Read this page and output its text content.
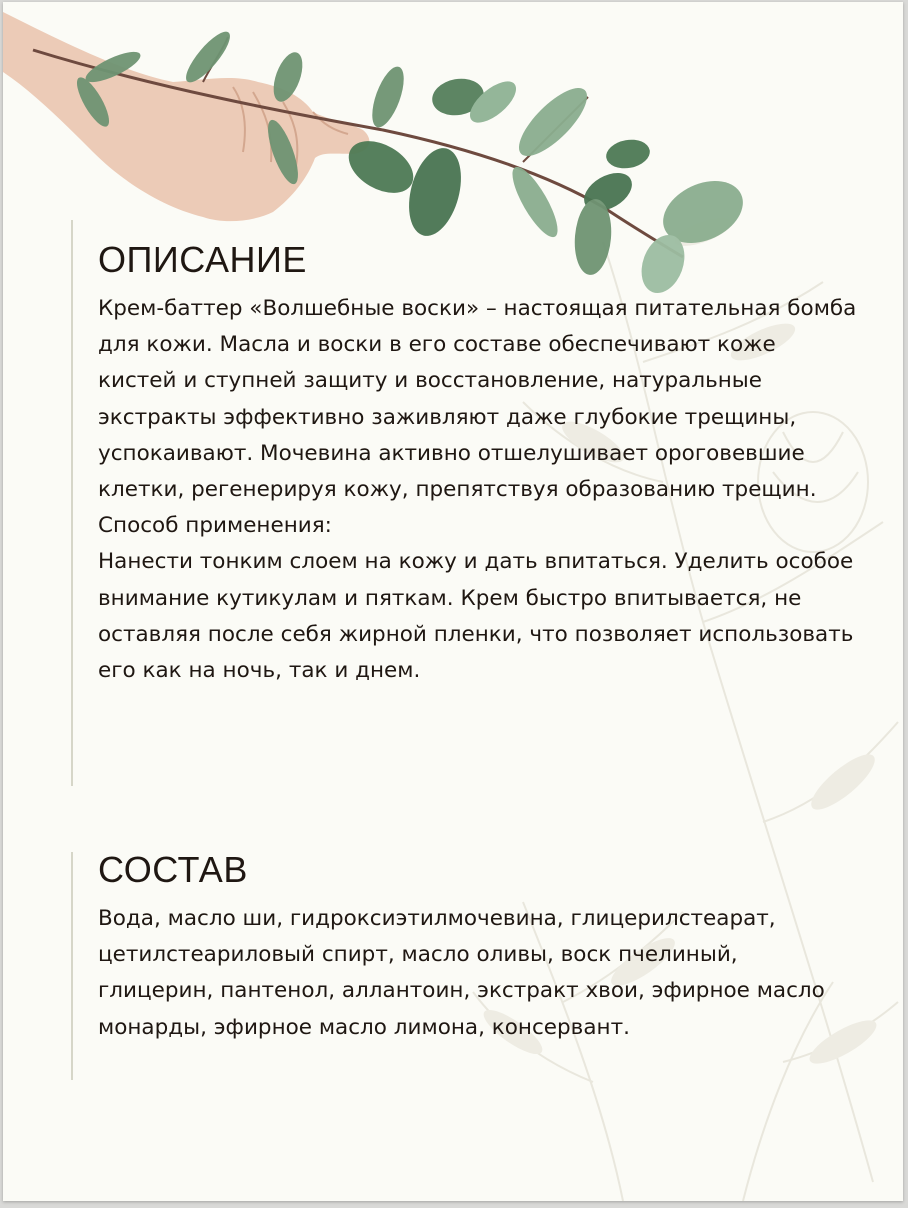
ОПИСАНИЕ

Крем-баттер «Волшебные воски» – настоящая питательная бомба для кожи. Масла и воски в его составе обеспечивают коже кистей и ступней защиту и восстановление, натуральные экстракты эффективно заживляют даже глубокие трещины, успокаивают. Мочевина активно отшелушивает ороговевшие клетки, регенерируя кожу, препятствуя образованию трещин.

Способ применения:

Нанести тонким слоем на кожу и дать впитаться. Уделить особое внимание кутикулам и пяткам. Крем быстро впитывается, не оставляя после себя жирной пленки, что позволяет использовать его как на ночь, так и днем.

СОСТАВ

Вода, масло ши, гидроксиэтилмочевина, глицерилстеарат, цетилстеариловый спирт, масло оливы, воск пчелиный, глицерин, пантенол, аллантоин, экстракт хвои, эфирное масло монарды, эфирное масло лимона, консервант.
